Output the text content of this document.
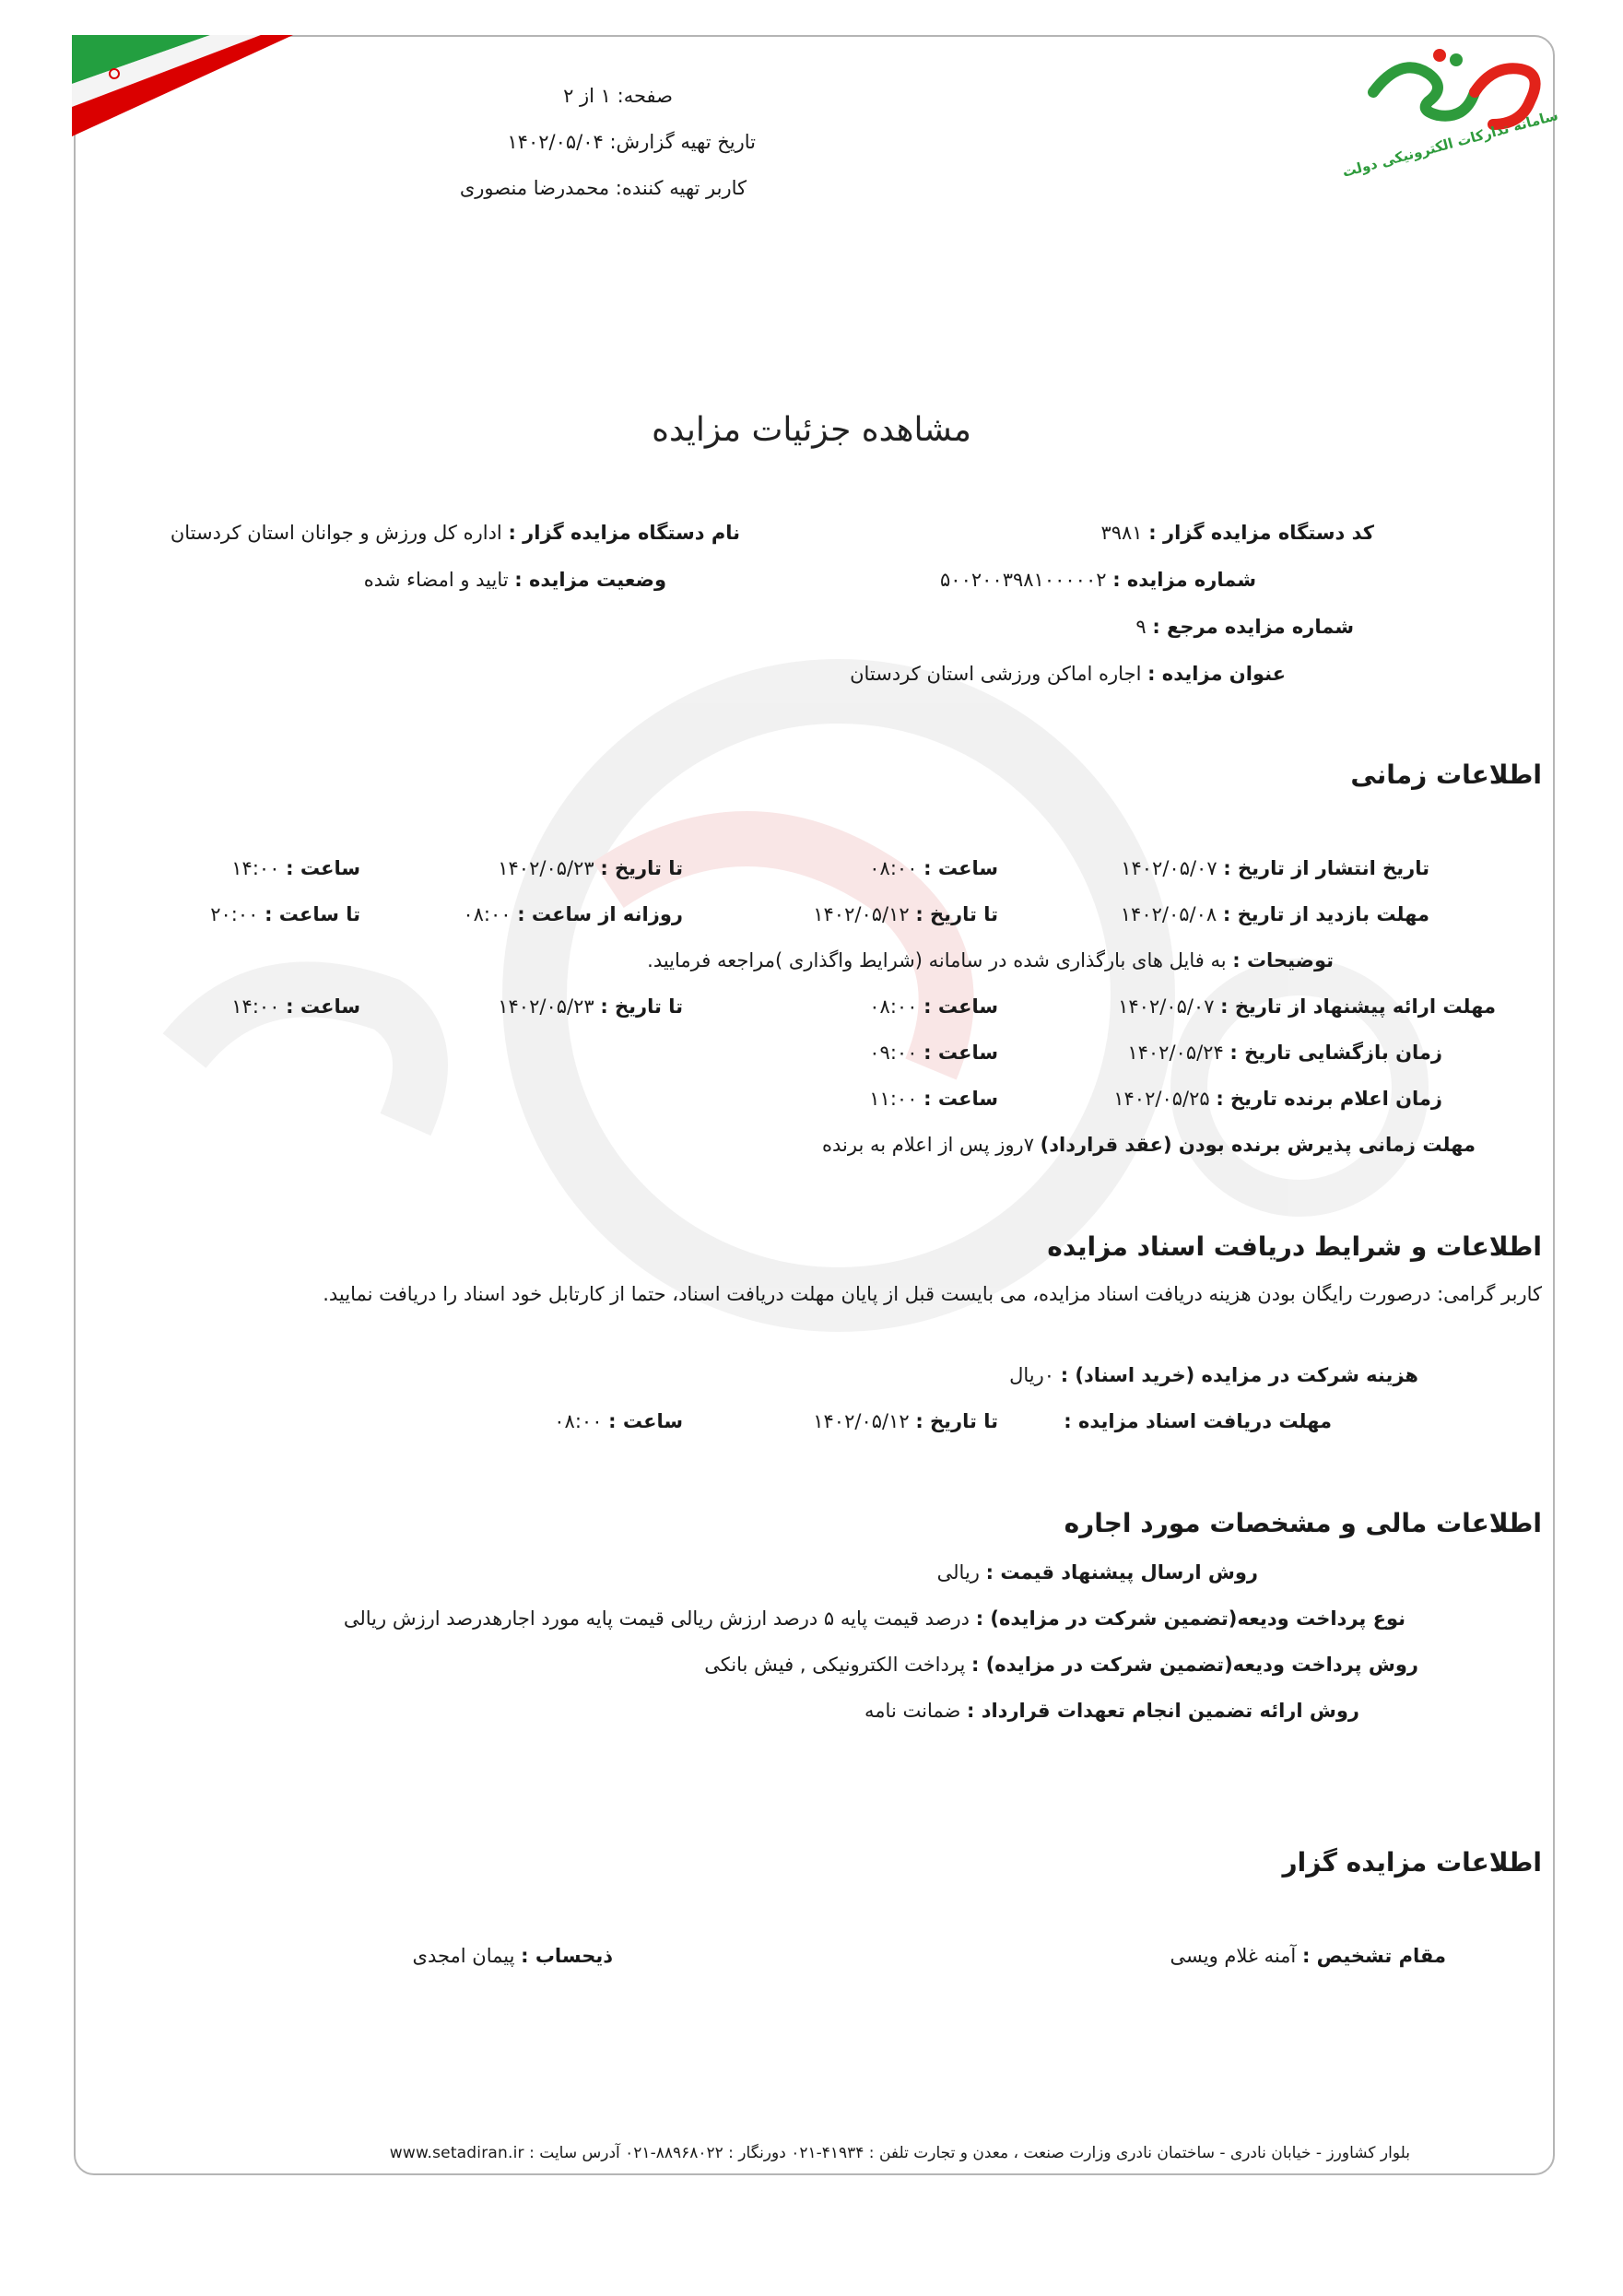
سامانه تدارکات الکترونیکی دولت
صفحه: ۱ از ۲
تاریخ تهیه گزارش: ۱۴۰۲/۰۵/۰۴
کاربر تهیه کننده: محمدرضا منصوری
مشاهده جزئیات مزایده
کد دستگاه مزایده گزار : ۳۹۸۱
نام دستگاه مزایده گزار : اداره کل ورزش و جوانان استان کردستان
شماره مزایده : ۵۰۰۲۰۰۳۹۸۱۰۰۰۰۰۲
وضعیت مزایده : تایید و امضاء شده
شماره مزایده مرجع : ۹
عنوان مزایده : اجاره اماکن ورزشی استان کردستان
اطلاعات زمانی
تاریخ انتشار از تاریخ : ۱۴۰۲/۰۵/۰۷
ساعت : ۰۸:۰۰
تا تاریخ : ۱۴۰۲/۰۵/۲۳
ساعت : ۱۴:۰۰
مهلت بازدید از تاریخ : ۱۴۰۲/۰۵/۰۸
تا تاریخ : ۱۴۰۲/۰۵/۱۲
روزانه از ساعت : ۰۸:۰۰
تا ساعت : ۲۰:۰۰
توضیحات : به فایل های بارگذاری شده در سامانه (شرایط واگذاری )مراجعه فرمایید.
مهلت ارائه پیشنهاد از تاریخ : ۱۴۰۲/۰۵/۰۷
ساعت : ۰۸:۰۰
تا تاریخ : ۱۴۰۲/۰۵/۲۳
ساعت : ۱۴:۰۰
زمان بازگشایی تاریخ : ۱۴۰۲/۰۵/۲۴
ساعت : ۰۹:۰۰
زمان اعلام برنده تاریخ : ۱۴۰۲/۰۵/۲۵
ساعت : ۱۱:۰۰
مهلت زمانی پذیرش برنده بودن (عقد قرارداد) ۷روز پس از اعلام به برنده
اطلاعات و شرایط دریافت اسناد مزایده
کاربر گرامی: درصورت رایگان بودن هزینه دریافت اسناد مزایده، می بایست قبل از پایان مهلت دریافت اسناد، حتما از کارتابل خود اسناد را دریافت نمایید.
هزینه شرکت در مزایده (خرید اسناد) : ۰ریال
مهلت دریافت اسناد مزایده :
تا تاریخ : ۱۴۰۲/۰۵/۱۲
ساعت : ۰۸:۰۰
اطلاعات مالی و مشخصات مورد اجاره
روش ارسال پیشنهاد قیمت : ریالی
نوع پرداخت ودیعه(تضمین شرکت در مزایده) : درصد قیمت پایه ۵ درصد ارزش ریالی قیمت پایه مورد اجارهدرصد ارزش ریالی
روش پرداخت ودیعه(تضمین شرکت در مزایده) : پرداخت الکترونیکی , فیش بانکی
روش ارائه تضمین انجام تعهدات قرارداد : ضمانت نامه
اطلاعات مزایده گزار
مقام تشخیص : آمنه غلام ویسی
ذیحساب : پیمان امجدی
بلوار کشاورز - خیابان نادری - ساختمان نادری وزارت صنعت ، معدن و تجارت تلفن : ۴۱۹۳۴-۰۲۱ دورنگار : ۸۸۹۶۸۰۲۲-۰۲۱ آدرس سایت : www.setadiran.ir
